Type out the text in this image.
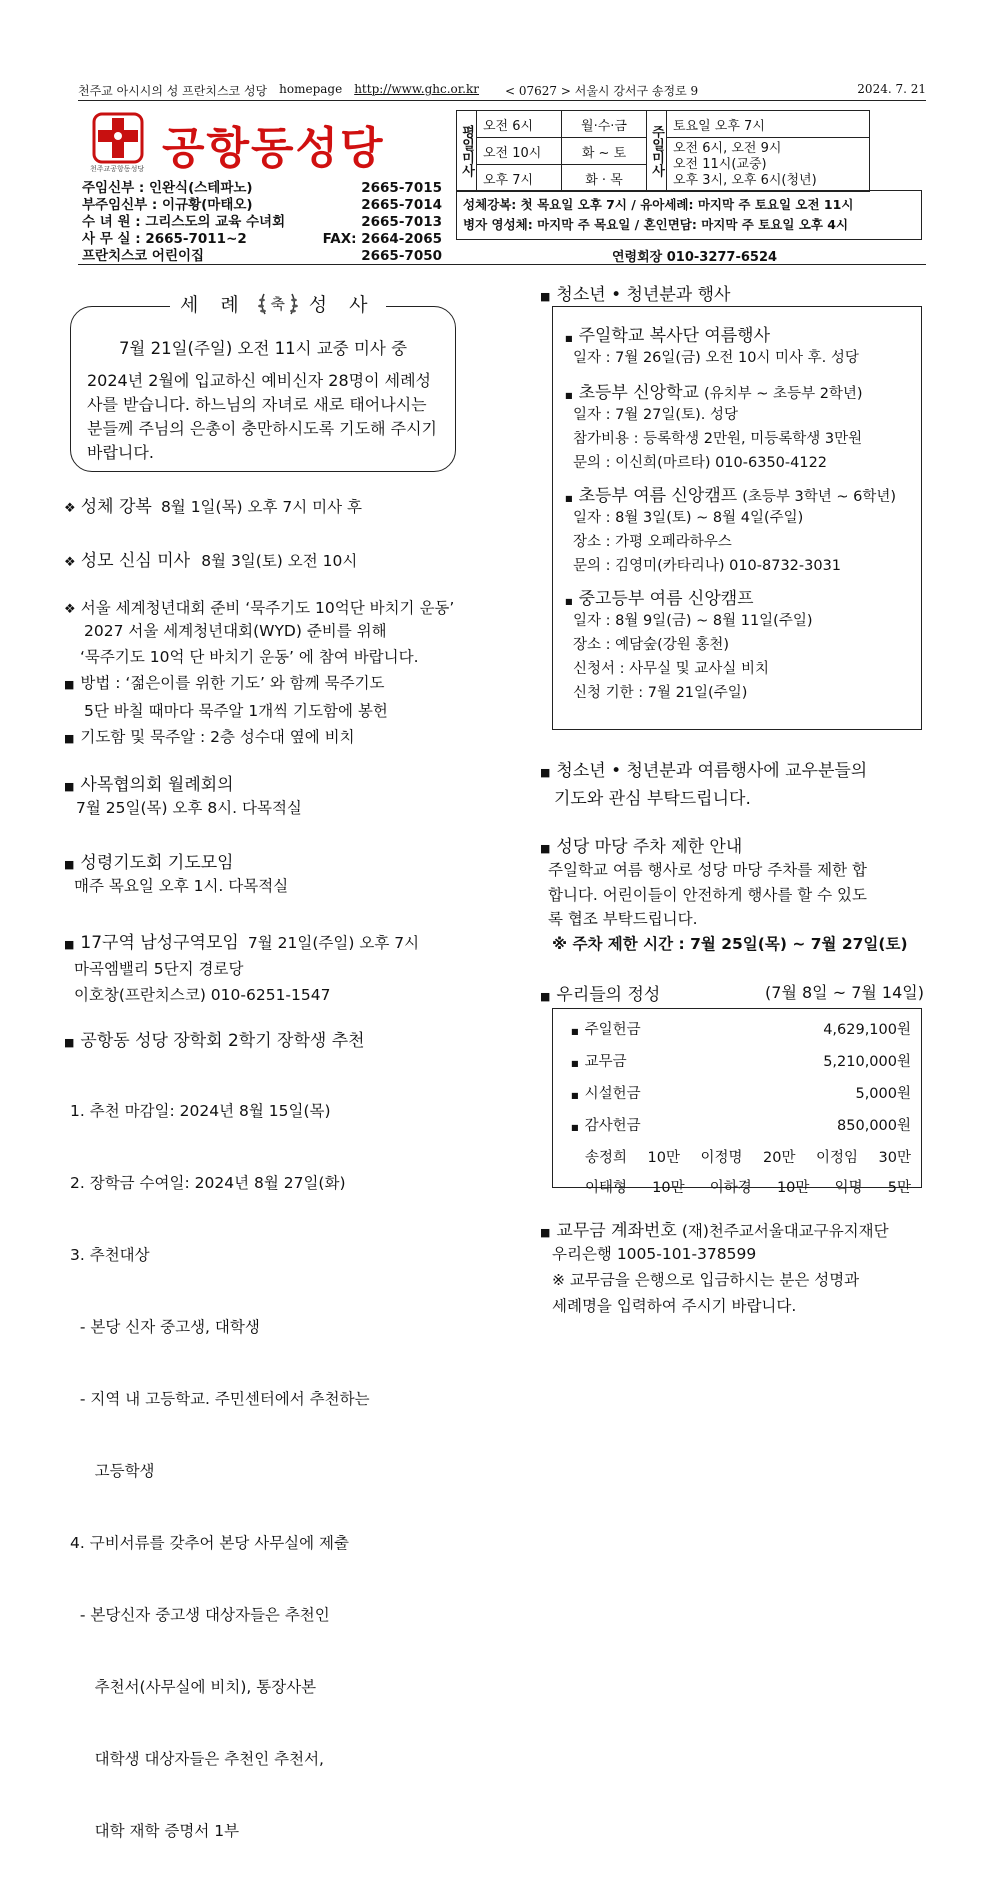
천주교 아시시의 성 프란치스코 성당 homepage http://www.ghc.or.kr < 07627 > 서울시 강서구 송정로 9	2024. 7. 21
천주교공항동성당 공항동성당
주임신부 : 인완식(스테파노)	2665-7015
부주임신부 : 이규황(마태오)	2665-7014
수 녀 원 : 그리스도의 교육 수녀회	2665-7013
사 무 실 : 2665-7011~2	FAX: 2664-2065
프란치스코 어린이집	2665-7050
평일미사	오전 6시	월·수·금	주일미사	토요일 오후 7시
	오전 10시	화 ~ 토		오전 6시, 오전 9시
오전 11시(교중)
오후 3시, 오후 6시(청년)

	오후 7시	화 · 목		
성체강복: 첫 목요일 오후 7시 / 유아세례: 마지막 주 토요일 오전 11시
병자 영성체: 마지막 주 목요일 / 혼인면담: 마지막 주 토요일 오후 4시
연령회장 010-3277-6524
7월 21일(주일) 오전 11시 교중 미사 중
2024년 2월에 입교하신 예비신자 28명이 세례성사를 받습니다. 하느님의 자녀로 새로 태어나시는 분들께 주님의 은총이 충만하시도록 기도해 주시기 바랍니다.
세 례 축 성 사
❖ 성체 강복 8월 1일(목) 오후 7시 미사 후
❖ 성모 신심 미사 8월 3일(토) 오전 10시
❖ 서울 세계청년대회 준비 ‘묵주기도 10억단 바치기 운동’
2027 서울 세계청년대회(WYD) 준비를 위해
‘묵주기도 10억 단 바치기 운동’ 에 참여 바랍니다.
■ 방법 : ‘젊은이를 위한 기도’ 와 함께 묵주기도
5단 바칠 때마다 묵주알 1개씩 기도함에 봉헌
■ 기도함 및 묵주알 : 2층 성수대 옆에 비치
■ 사목협의회 월례회의
7월 25일(목) 오후 8시. 다목적실
■ 성령기도회 기도모임
매주 목요일 오후 1시. 다목적실
■ 17구역 남성구역모임 7월 21일(주일) 오후 7시
마곡엠밸리 5단지 경로당
이호창(프란치스코) 010-6251-1547
■ 공항동 성당 장학회 2학기 장학생 추천

1. 추천 마감일: 2024년 8월 15일(목)

2. 장학금 수여일: 2024년 8월 27일(화)

3. 추천대상

- 본당 신자 중고생, 대학생

- 지역 내 고등학교. 주민센터에서 추천하는

고등학생

4. 구비서류를 갖추어 본당 사무실에 제출

- 본당신자 중고생 대상자들은 추천인

추천서(사무실에 비치), 통장사본

대학생 대상자들은 추천인 추천서,

대학 재학 증명서 1부

■ 청소년 • 청년분과 행사
■ 주일학교 복사단 여름행사
일자 : 7월 26일(금) 오전 10시 미사 후. 성당
■ 초등부 신앙학교 (유치부 ~ 초등부 2학년)
일자 : 7월 27일(토). 성당
참가비용 : 등록학생 2만원, 미등록학생 3만원
문의 : 이신희(마르타) 010-6350-4122
■ 초등부 여름 신앙캠프 (초등부 3학년 ~ 6학년)
일자 : 8월 3일(토) ~ 8월 4일(주일)
장소 : 가평 오페라하우스
문의 : 김영미(카타리나) 010-8732-3031
■ 중고등부 여름 신앙캠프
일자 : 8월 9일(금) ~ 8월 11일(주일)
장소 : 예담숲(강원 홍천)
신청서 : 사무실 및 교사실 비치
신청 기한 : 7월 21일(주일)
■ 청소년 • 청년분과 여름행사에 교우분들의
기도와 관심 부탁드립니다.
■ 성당 마당 주차 제한 안내
주일학교 여름 행사로 성당 마당 주차를 제한 합
합니다. 어린이들이 안전하게 행사를 할 수 있도
록 협조 부탁드립니다.
※ 주차 제한 시간 : 7월 25일(목) ~ 7월 27일(토)
■ 우리들의 정성	(7월 8일 ~ 7월 14일)
■ 주일헌금	4,629,100원
■ 교무금	5,210,000원
■ 시설헌금	5,000원
■ 감사헌금	850,000원
송정희 10만 이정명 20만 이정임 30만
이태형 10만 이하경 10만 익명 5만
■ 교무금 계좌번호 (재)천주교서울대교구유지재단
우리은행 1005-101-378599
※ 교무금을 은행으로 입금하시는 분은 성명과
세례명을 입력하여 주시기 바랍니다.
